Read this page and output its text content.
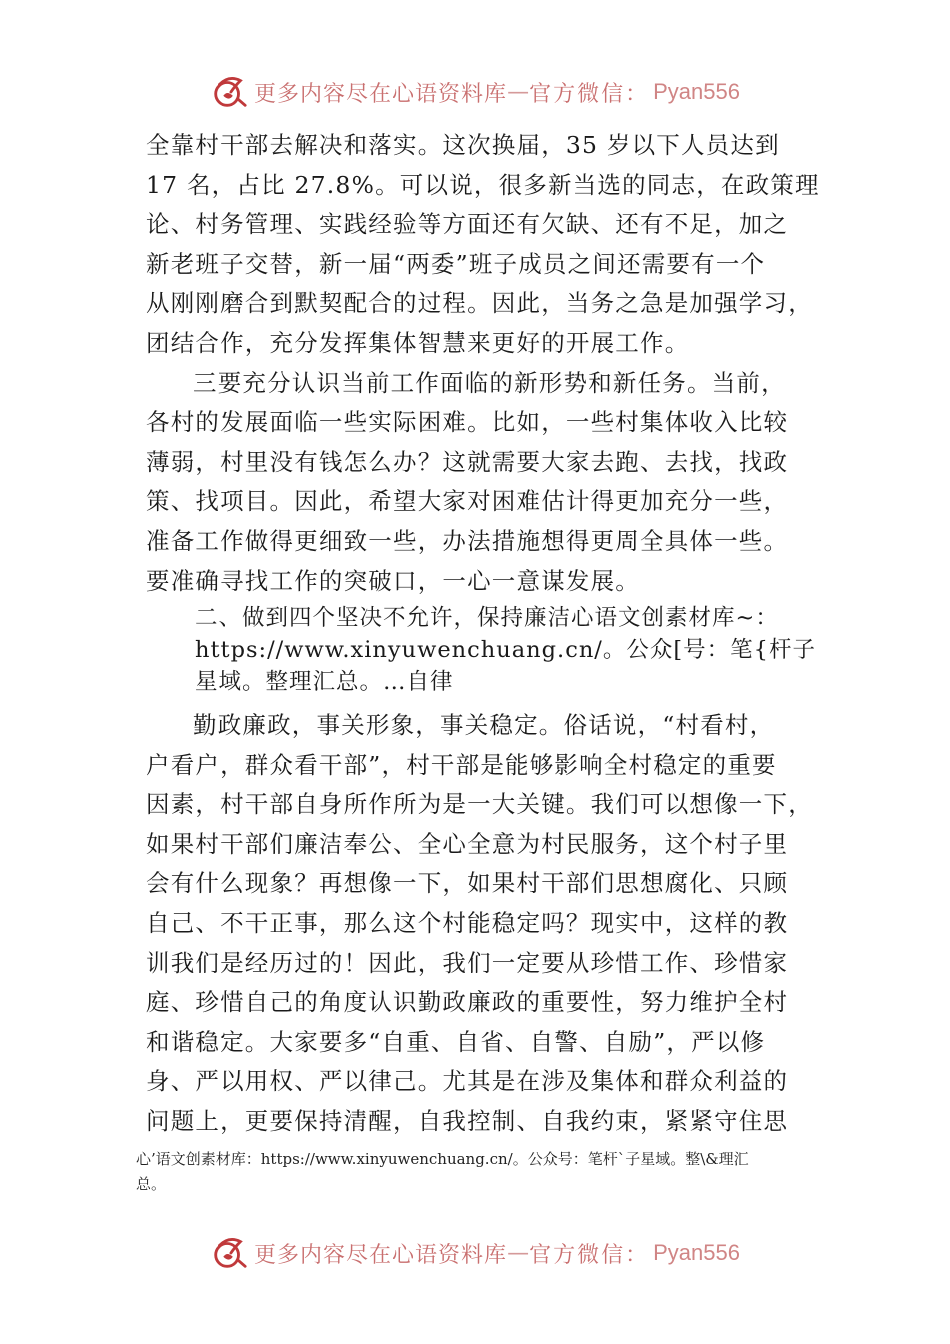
更多内容尽在心语资料库 — 官方微信： Pyan556
全靠村干部去解决和落实。这次换届，35 岁以下人员达到
17 名，占比 27.8%。可以说，很多新当选的同志，在政策理
论、村务管理、实践经验等方面还有欠缺、还有不足，加之
新老班子交替，新一届“两委”班子成员之间还需要有一个
从刚刚磨合到默契配合的过程。因此，当务之急是加强学习，
团结合作，充分发挥集体智慧来更好的开展工作。
三要充分认识当前工作面临的新形势和新任务。当前，
各村的发展面临一些实际困难。比如，一些村集体收入比较
薄弱，村里没有钱怎么办？这就需要大家去跑、去找，找政
策、找项目。因此，希望大家对困难估计得更加充分一些，
准备工作做得更细致一些，办法措施想得更周全具体一些。
要准确寻找工作的突破口，一心一意谋发展。
二、做到四个坚决不允许，保持廉洁心语文创素材库~：
https://www.xinyuwenchuang.cn/。公众[号：笔{杆子
星域。整理汇总。…自律
勤政廉政，事关形象，事关稳定。俗话说，“村看村，
户看户，群众看干部”，村干部是能够影响全村稳定的重要
因素，村干部自身所作所为是一大关键。我们可以想像一下，
如果村干部们廉洁奉公、全心全意为村民服务，这个村子里
会有什么现象？再想像一下，如果村干部们思想腐化、只顾
自己、不干正事，那么这个村能稳定吗？现实中，这样的教
训我们是经历过的！因此，我们一定要从珍惜工作、珍惜家
庭、珍惜自己的角度认识勤政廉政的重要性，努力维护全村
和谐稳定。大家要多“自重、自省、自警、自励”，严以修
身、严以用权、严以律己。尤其是在涉及集体和群众利益的
问题上，更要保持清醒，自我控制、自我约束，紧紧守住思
心’语文创素材库：https://www.xinyuwenchuang.cn/。公众号：笔杆`子星域。整\&理汇
总。
更多内容尽在心语资料库 — 官方微信： Pyan556
